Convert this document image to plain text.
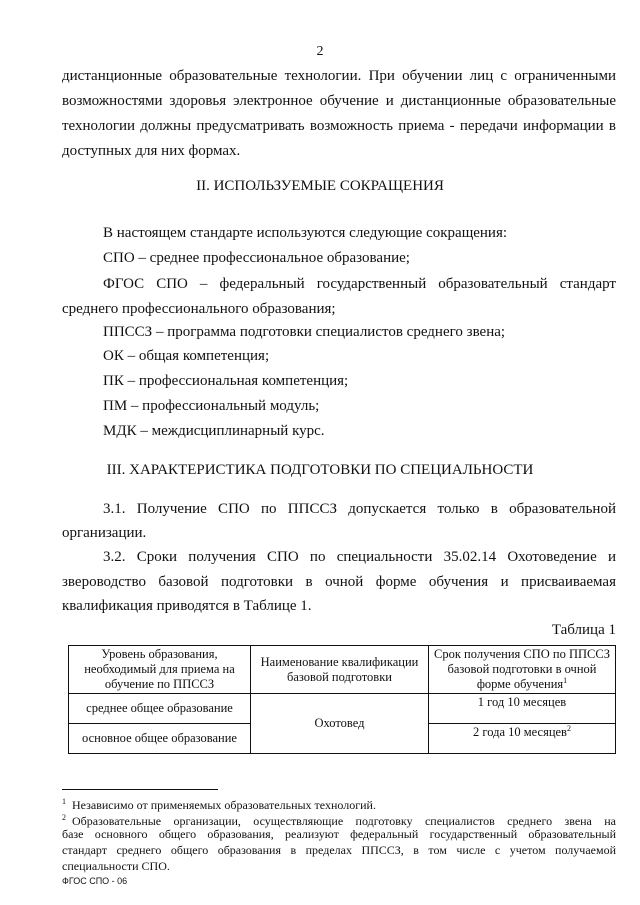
2

дистанционные образовательные технологии. При обучении лиц с ограниченными

возможностями здоровья электронное обучение и дистанционные образовательные

технологии должны предусматривать возможность приема - передачи информации в

доступных для них формах.

II. ИСПОЛЬЗУЕМЫЕ СОКРАЩЕНИЯ
В настоящем стандарте используются следующие сокращения:
СПО – среднее профессиональное образование;

ФГОС СПО – федеральный государственный образовательный стандарт

среднего профессионального образования;

ППССЗ – программа подготовки специалистов среднего звена;
ОК – общая компетенция;
ПК – профессиональная компетенция;
ПМ – профессиональный модуль;
МДК – междисциплинарный курс.
III. ХАРАКТЕРИСТИКА ПОДГОТОВКИ ПО СПЕЦИАЛЬНОСТИ

3.1. Получение СПО по ППССЗ допускается только в образовательной

организации.

3.2. Сроки получения СПО по специальности 35.02.14 Охотоведение и

звероводство базовой подготовки в очной форме обучения и присваиваемая

квалификация приводятся в Таблице 1.

Таблица 1
Уровень образования, необходимый для приема на обучение по ППССЗ	Наименование квалификации базовой подготовки	Срок получения СПО по ППССЗ базовой подготовки в очной форме обучения$^1$
среднее общее образование	Охотовед	1 год 10 месяцев
основное общее образование		2 года 10 месяцев$^2$

$^1$ Независимо от применяемых образовательных технологий.

$^2$ Образовательные организации, осуществляющие подготовку специалистов среднего звена на

базе основного общего образования, реализуют федеральный государственный образовательный

стандарт среднего общего образования в пределах ППССЗ, в том числе с учетом получаемой

специальности СПО.

ФГОС СПО - 06
